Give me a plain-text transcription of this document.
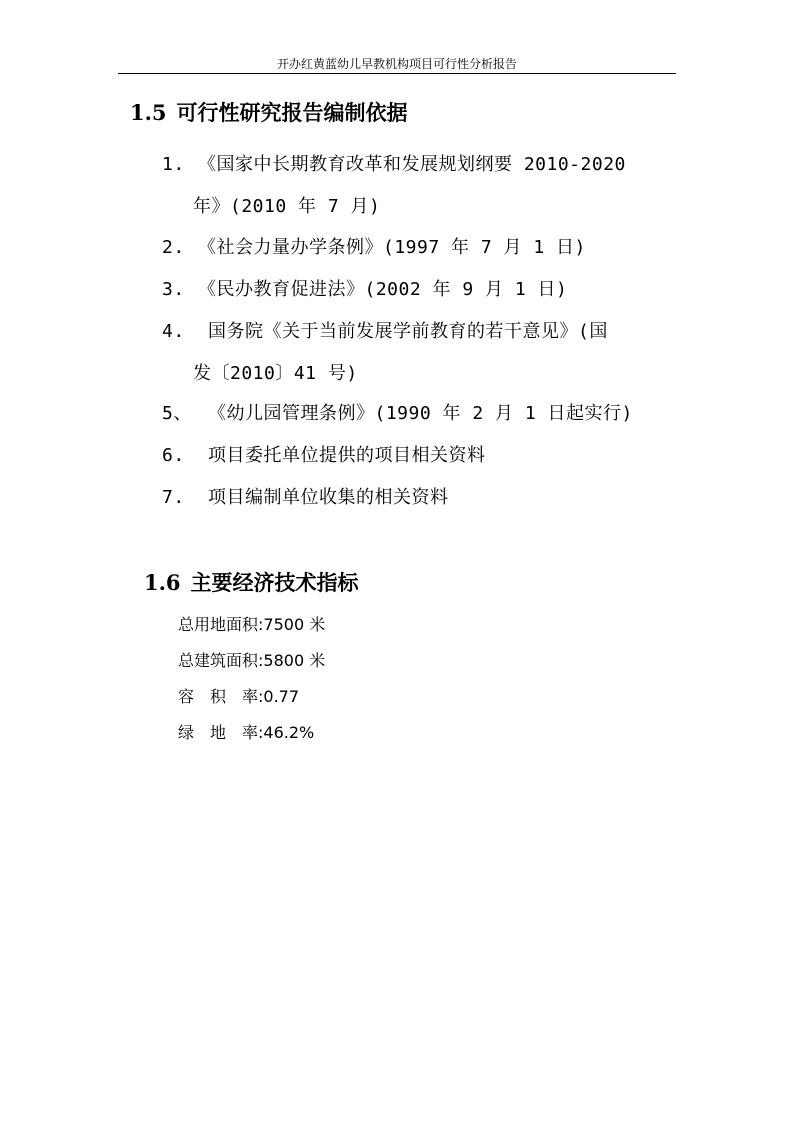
开办红黄蓝幼儿早教机构项目可行性分析报告
1.5 可行性研究报告编制依据
1. 《国家中长期教育改革和发展规划纲要 2010-2020
年》(2010 年 7 月)
2. 《社会力量办学条例》(1997 年 7 月 1 日)
3. 《民办教育促进法》(2002 年 9 月 1 日)
4. 国务院《关于当前发展学前教育的若干意见》(国
发〔2010〕41 号)
5、 《幼儿园管理条例》(1990 年 2 月 1 日起实行)
6. 项目委托单位提供的项目相关资料
7. 项目编制单位收集的相关资料
1.6 主要经济技术指标
总用地面积:7500 米
总建筑面积:5800 米
容　积　率:0.77
绿　地　率:46.2%
